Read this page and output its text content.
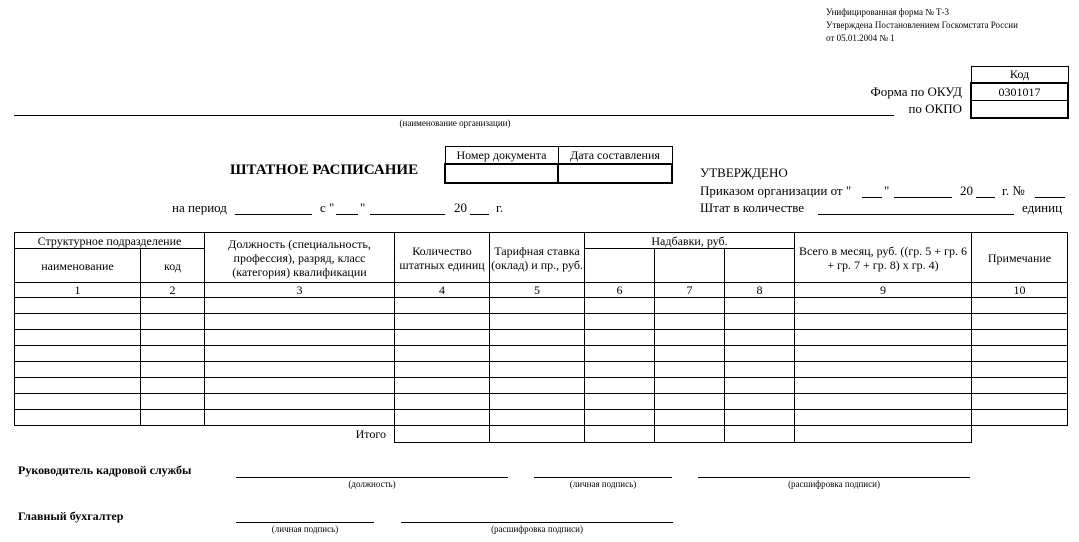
Унифицированная форма № Т-3
Утверждена Постановлением Госкомстата России
от 05.01.2004 № 1
Код
0301017

Форма по ОКУД
по ОКПО
(наименование организации)
ШТАТНОЕ РАСПИСАНИЕ
Номер документа	Дата составления

на период	с " "	20 г.
УТВЕРЖДЕНО
Приказом организации от "	"	20 г. №
Штат в количестве	единиц
Структурное подразделение		Должность (специальность, профессия), разряд, класс (категория) квалификации	Количество штатных единиц	Тарифная ставка (оклад) и пр., руб.	Надбавки, руб.			Всего в месяц, руб. ((гр. 5 + гр. 6 + гр. 7 + гр. 8) х гр. 4)	Примечание
наименование	код								
1	2	3	4	5	6	7	8	9	10

Итого									
Руководитель кадровой службы
(должность)	(личная подпись)	(расшифровка подписи)
Главный бухгалтер
(личная подпись)	(расшифровка подписи)
